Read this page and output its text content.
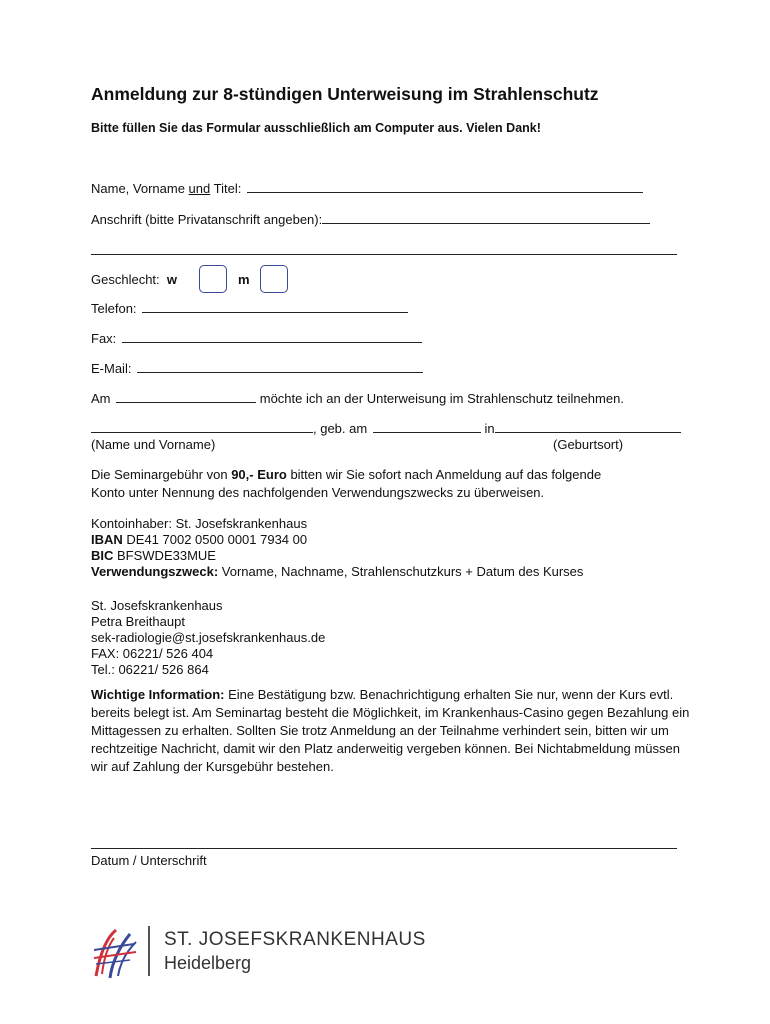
Anmeldung zur 8-stündigen Unterweisung im Strahlenschutz
Bitte füllen Sie das Formular ausschließlich am Computer aus. Vielen Dank!
Name, Vorname und Titel:
Anschrift (bitte Privatanschrift angeben):
Geschlecht: w	m
Telefon:
Fax:
E-Mail:
Am	möchte ich an der Unterweisung im Strahlenschutz teilnehmen.
, geb. am	in
(Name und Vorname)	(Geburtsort)
Die Seminargebühr von 90,- Euro bitten wir Sie sofort nach Anmeldung auf das folgende
Konto unter Nennung des nachfolgenden Verwendungszwecks zu überweisen.
Kontoinhaber: St. Josefskrankenhaus
IBAN DE41 7002 0500 0001 7934 00
BIC BFSWDE33MUE
Verwendungszweck: Vorname, Nachname, Strahlenschutzkurs + Datum des Kurses
St. Josefskrankenhaus
Petra Breithaupt
sek-radiologie@st.josefskrankenhaus.de
FAX: 06221/ 526 404
Tel.: 06221/ 526 864
Wichtige Information: Eine Bestätigung bzw. Benachrichtigung erhalten Sie nur, wenn der Kurs evtl. bereits belegt ist. Am Seminartag besteht die Möglichkeit, im Krankenhaus-Casino gegen Bezahlung ein Mittagessen zu erhalten. Sollten Sie trotz Anmeldung an der Teilnahme verhindert sein, bitten wir um rechtzeitige Nachricht, damit wir den Platz anderweitig vergeben können. Bei Nichtabmeldung müssen wir auf Zahlung der Kursgebühr bestehen.
Datum / Unterschrift
ST. JOSEFSKRANKENHAUS
Heidelberg
